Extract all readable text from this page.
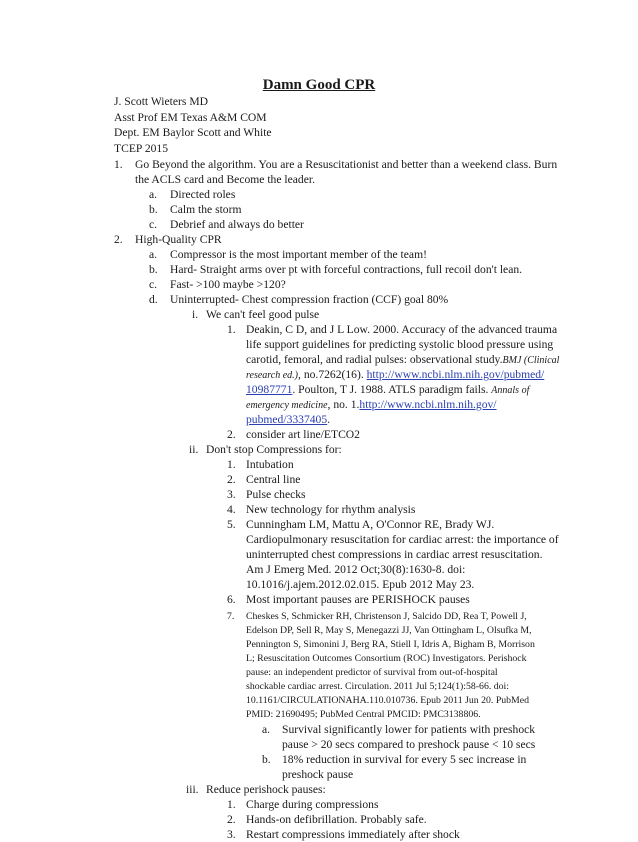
Damn Good CPR
J. Scott Wieters MD
Asst Prof EM Texas A&M COM
Dept. EM Baylor Scott and White
TCEP 2015
1. Go Beyond the algorithm. You are a Resuscitationist and better than a weekend class. Burn
the ACLS card and Become the leader.
a. Directed roles
b. Calm the storm
c. Debrief and always do better
2. High-Quality CPR
a. Compressor is the most important member of the team!
b. Hard- Straight arms over pt with forceful contractions, full recoil don't lean.
c. Fast- >100 maybe >120?
d. Uninterrupted- Chest compression fraction (CCF) goal 80%
i. We can't feel good pulse
1. Deakin, C D, and J L Low. 2000. Accuracy of the advanced trauma
life support guidelines for predicting systolic blood pressure using
carotid, femoral, and radial pulses: observational study.BMJ (Clinical
research ed.), no.7262(16). http://www.ncbi.nlm.nih.gov/pubmed/
10987771. Poulton, T J. 1988. ATLS paradigm fails. Annals of
emergency medicine, no. 1.http://www.ncbi.nlm.nih.gov/
pubmed/3337405.
2. consider art line/ETCO2
ii. Don't stop Compressions for:
1. Intubation
2. Central line
3. Pulse checks
4. New technology for rhythm analysis
5. Cunningham LM, Mattu A, O'Connor RE, Brady WJ.
Cardiopulmonary resuscitation for cardiac arrest: the importance of
uninterrupted chest compressions in cardiac arrest resuscitation.
Am J Emerg Med. 2012 Oct;30(8):1630-8. doi:
10.1016/j.ajem.2012.02.015. Epub 2012 May 23.
6. Most important pauses are PERISHOCK pauses
7. Cheskes S, Schmicker RH, Christenson J, Salcido DD, Rea T, Powell J,
Edelson DP, Sell R, May S, Menegazzi JJ, Van Ottingham L, Olsufka M,
Pennington S, Simonini J, Berg RA, Stiell I, Idris A, Bigham B, Morrison
L; Resuscitation Outcomes Consortium (ROC) Investigators. Perishock
pause: an independent predictor of survival from out-of-hospital
shockable cardiac arrest. Circulation. 2011 Jul 5;124(1):58-66. doi:
10.1161/CIRCULATIONAHA.110.010736. Epub 2011 Jun 20. PubMed
PMID: 21690495; PubMed Central PMCID: PMC3138806.
a. Survival significantly lower for patients with preshock
pause > 20 secs compared to preshock pause < 10 secs
b. 18% reduction in survival for every 5 sec increase in
preshock pause
iii. Reduce perishock pauses:
1. Charge during compressions
2. Hands-on defibrillation. Probably safe.
3. Restart compressions immediately after shock
